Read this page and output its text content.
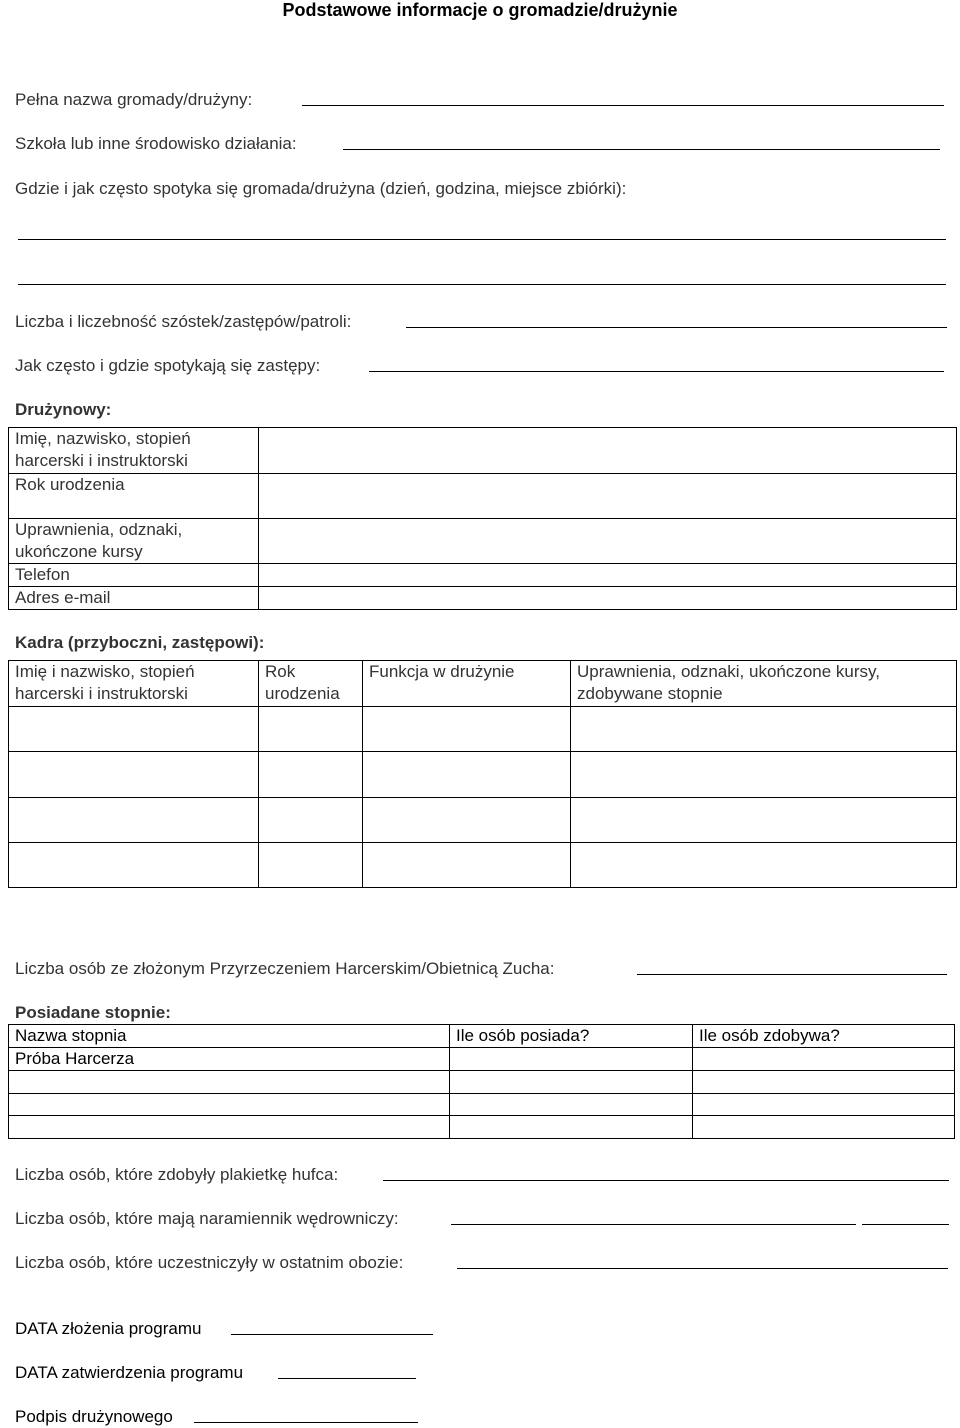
Podstawowe informacje o gromadzie/drużynie
Pełna nazwa gromady/drużyny:
Szkoła lub inne środowisko działania:
Gdzie i jak często spotyka się gromada/drużyna (dzień, godzina, miejsce zbiórki):
Liczba i liczebność szóstek/zastępów/patroli:
Jak często i gdzie spotykają się zastępy:
Drużynowy:
Imię, nazwisko, stopień harcerski i instruktorski	
Rok urodzenia	
Uprawnienia, odznaki, ukończone kursy	
Telefon	
Adres e-mail	
Kadra (przyboczni, zastępowi):
Imię i nazwisko, stopień harcerski i instruktorski	Rok urodzenia	Funkcja w drużynie	Uprawnienia, odznaki, ukończone kursy, zdobywane stopnie

Liczba osób ze złożonym Przyrzeczeniem Harcerskim/Obietnicą Zucha:
Posiadane stopnie:
Nazwa stopnia	Ile osób posiada?	Ile osób zdobywa?
Próba Harcerza		

Liczba osób, które zdobyły plakietkę hufca:
Liczba osób, które mają naramiennik wędrowniczy:
Liczba osób, które uczestniczyły w ostatnim obozie:
DATA złożenia programu
DATA zatwierdzenia programu
Podpis drużynowego
